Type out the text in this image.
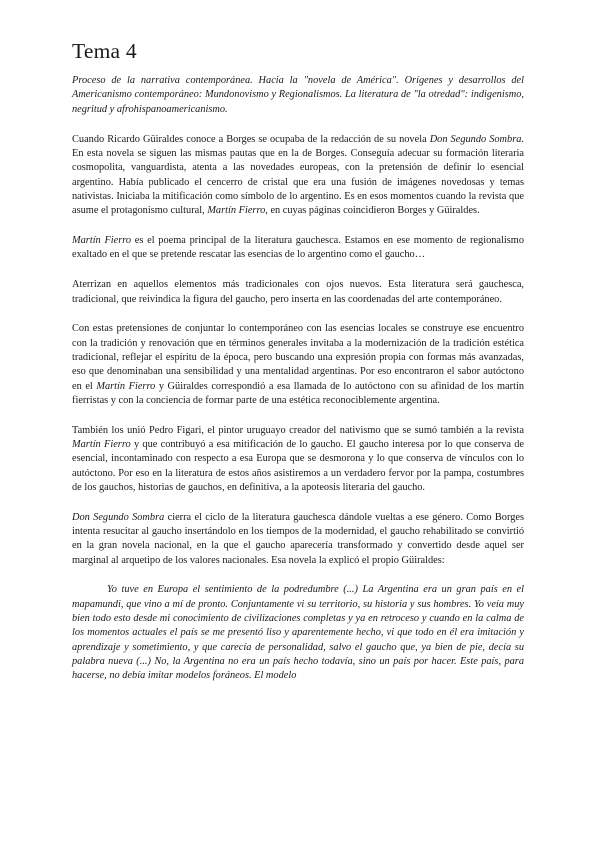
Tema 4

Proceso de la narrativa contemporánea. Hacia la "novela de América". Orígenes y desarrollos del Americanismo contemporáneo: Mundonovismo y Regionalismos. La literatura de "la otredad": indigenismo, negritud y afrohispanoamericanismo.

Cuando Ricardo Güiraldes conoce a Borges se ocupaba de la redacción de su novela Don Segundo Sombra. En esta novela se siguen las mismas pautas que en la de Borges. Conseguía adecuar su formación literaria cosmopolita, vanguardista, atenta a las novedades europeas, con la pretensión de definir lo esencial argentino. Había publicado el cencerro de cristal que era una fusión de imágenes novedosas y temas nativistas. Iniciaba la mitificación como símbolo de lo argentino. Es en esos momentos cuando la revista que asume el protagonismo cultural, Martín Fierro, en cuyas páginas coincidieron Borges y Güiraldes.

Martín Fierro es el poema principal de la literatura gauchesca. Estamos en ese momento de regionalismo exaltado en el que se pretende rescatar las esencias de lo argentino como el gaucho…

Aterrizan en aquellos elementos más tradicionales con ojos nuevos. Esta literatura será gauchesca, tradicional, que reivindica la figura del gaucho, pero inserta en las coordenadas del arte contemporáneo.

Con estas pretensiones de conjuntar lo contemporáneo con las esencias locales se construye ese encuentro con la tradición y renovación que en términos generales invitaba a la modernización de la tradición estética tradicional, reflejar el espíritu de la época, pero buscando una expresión propia con formas más avanzadas, eso que denominaban una sensibilidad y una mentalidad argentinas. Por eso encontraron el sabor autóctono en el Martín Fierro y Güiraldes correspondió a esa llamada de lo autóctono con su afinidad de los martín fierristas y con la conciencia de formar parte de una estética reconociblemente argentina.

También los unió Pedro Figari, el pintor uruguayo creador del nativismo que se sumó también a la revista Martín Fierro y que contribuyó a esa mitificación de lo gaucho. El gaucho interesa por lo que conserva de esencial, incontaminado con respecto a esa Europa que se desmorona y lo que conserva de vínculos con lo autóctono. Por eso en la literatura de estos años asistiremos a un verdadero fervor por la pampa, costumbres de los gauchos, historias de gauchos, en definitiva, a la apoteosis literaria del gaucho.

Don Segundo Sombra cierra el ciclo de la literatura gauchesca dándole vueltas a ese género. Como Borges intenta resucitar al gaucho insertándolo en los tiempos de la modernidad, el gaucho rehabilitado se convirtió en la gran novela nacional, en la que el gaucho aparecería transformado y convertido desde aquel ser marginal al arquetipo de los valores nacionales. Esa novela la explicó el propio Güiraldes:

Yo tuve en Europa el sentimiento de la podredumbre (...) La Argentina era un gran país en el mapamundi, que vino a mí de pronto. Conjuntamente vi su territorio, su historia y sus hombres. Yo veía muy bien todo esto desde mi conocimiento de civilizaciones completas y ya en retroceso y cuando en la calma de los momentos actuales el país se me presentó liso y aparentemente hecho, vi que todo en él era imitación y aprendizaje y sometimiento, y que carecía de personalidad, salvo el gaucho que, ya bien de pie, decía su palabra nueva (...) No, la Argentina no era un país hecho todavía, sino un país por hacer. Este país, para hacerse, no debía imitar modelos foráneos. El modelo
